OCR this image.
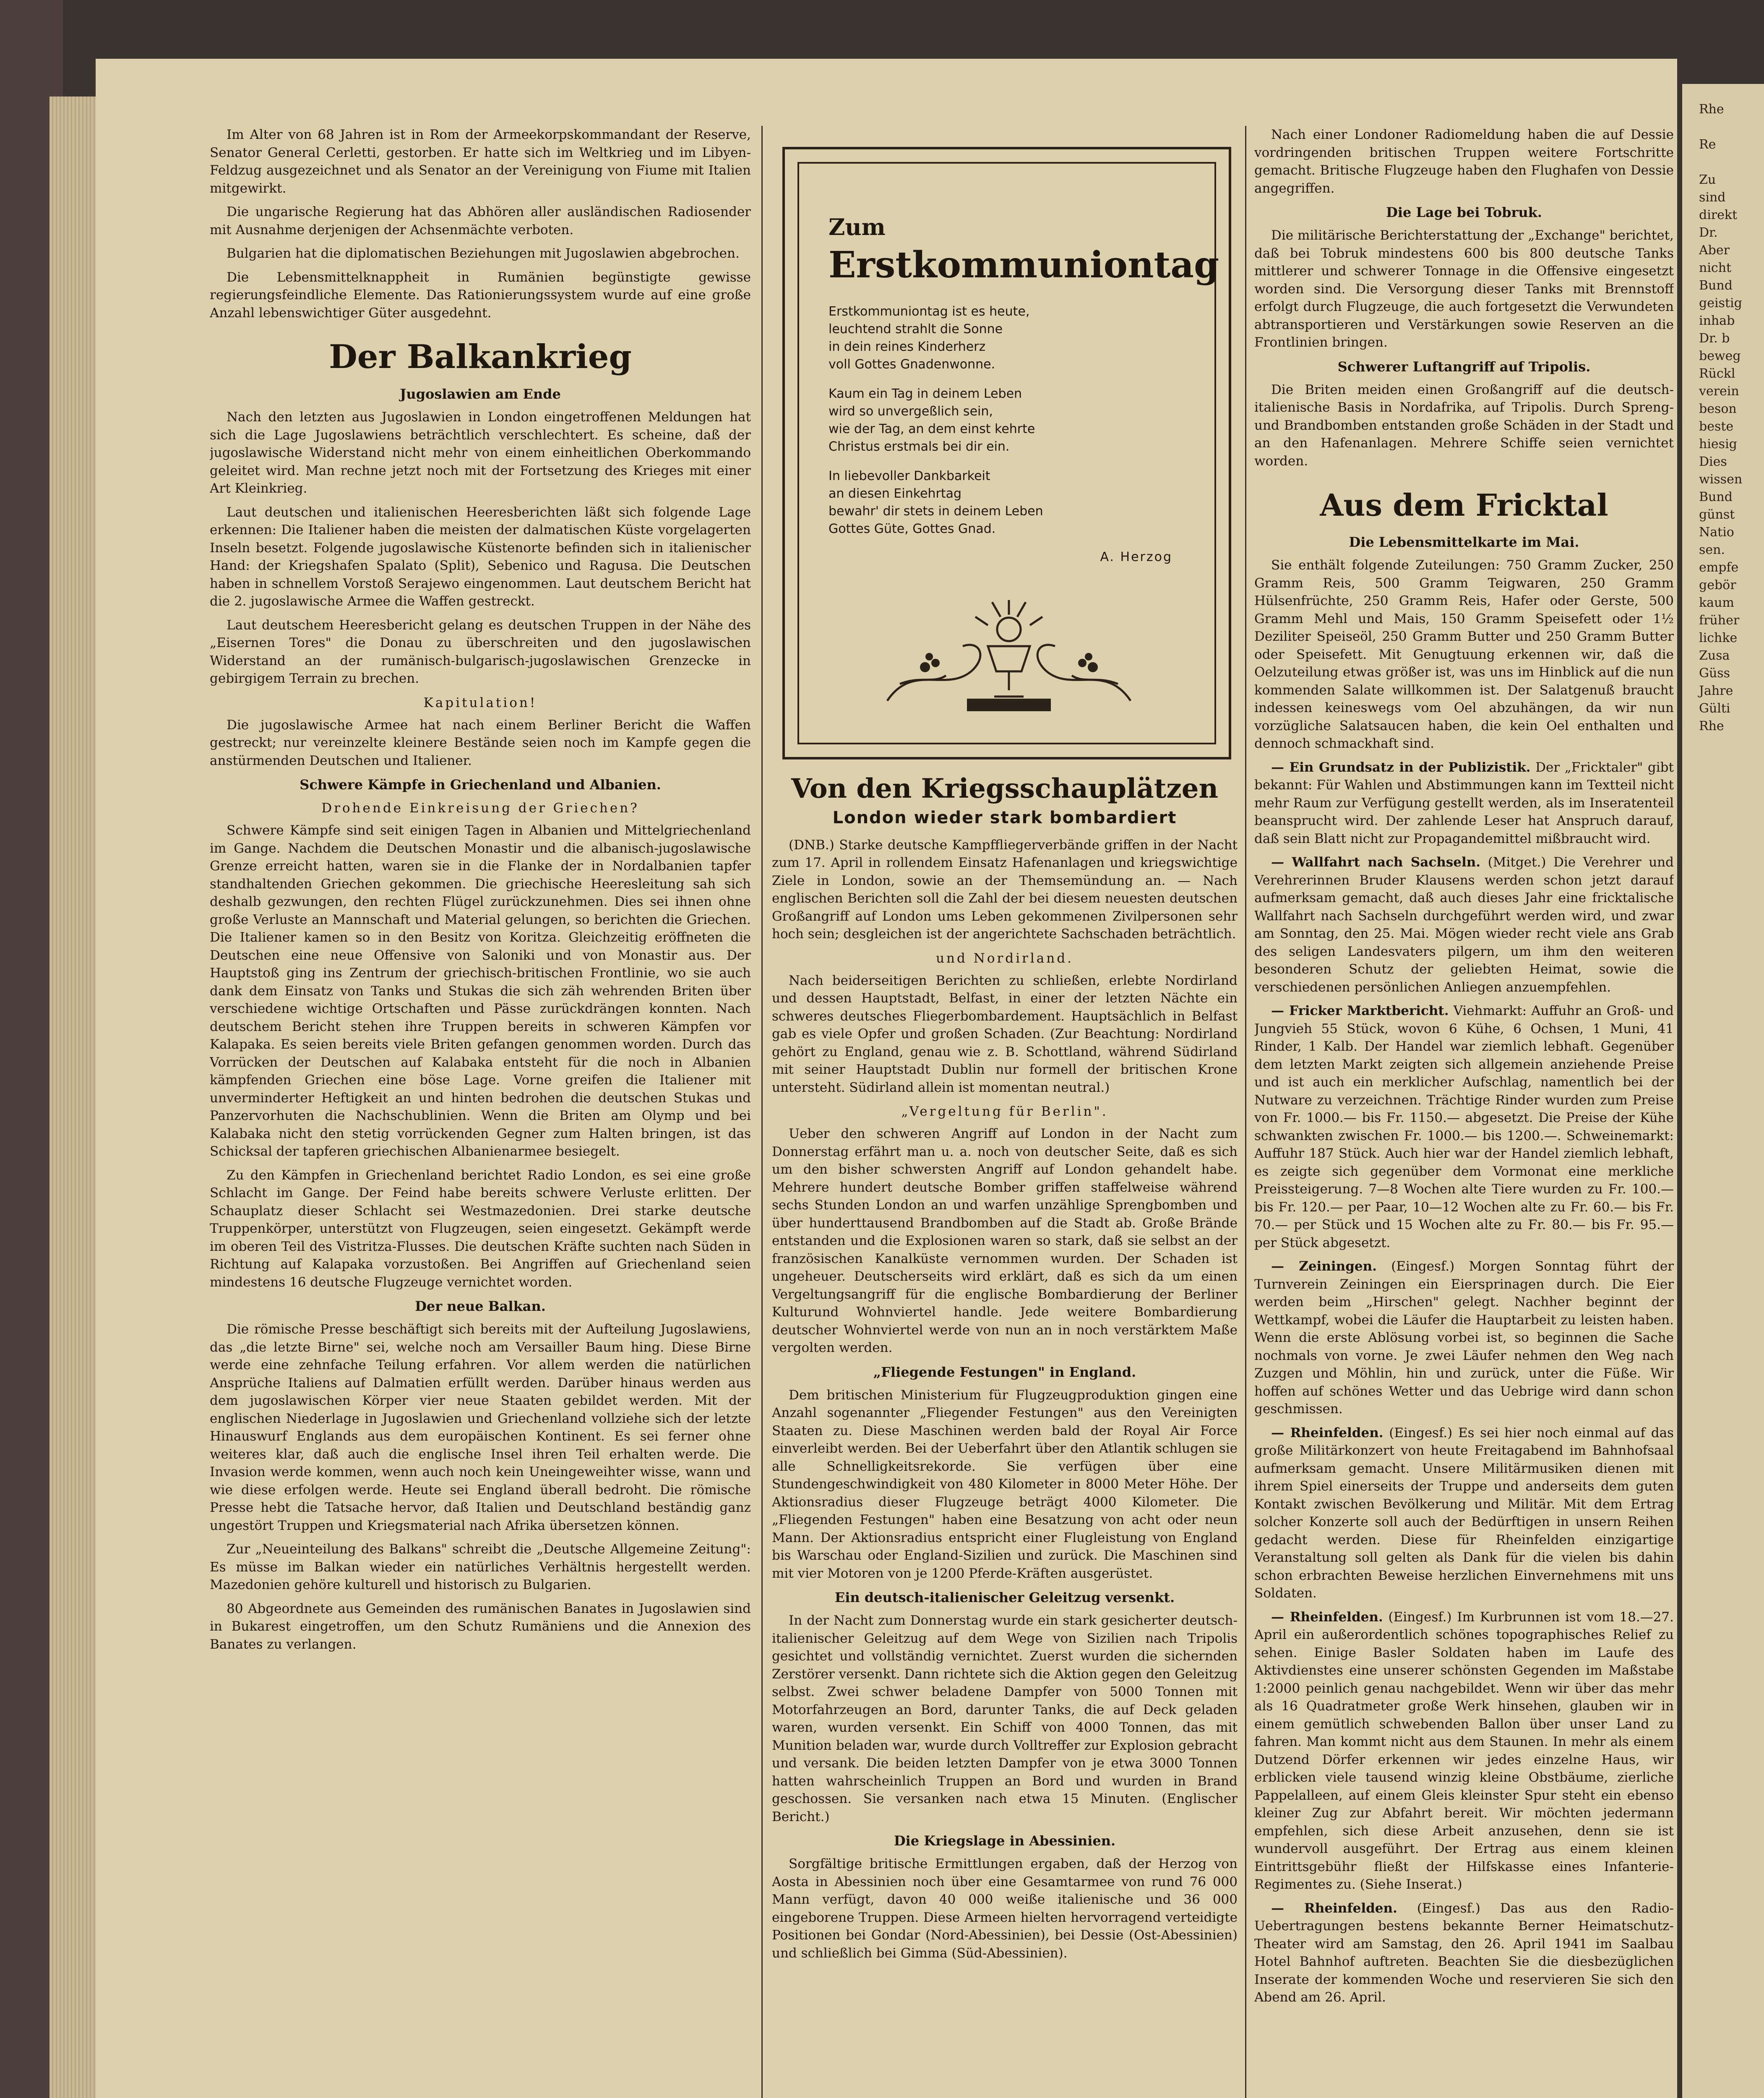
Im Alter von 68 Jahren ist in Rom der Armeekorpskommandant der Reserve, Senator General Cerletti, gestorben. Er hatte sich im Weltkrieg und im Libyen-Feldzug ausgezeichnet und als Senator an der Vereinigung von Fiume mit Italien mitgewirkt.

Die ungarische Regierung hat das Abhören aller ausländischen Radiosender mit Ausnahme derjenigen der Achsenmächte verboten.

Bulgarien hat die diplomatischen Beziehungen mit Jugoslawien abgebrochen.

Die Lebensmittelknappheit in Rumänien begünstigte gewisse regierungsfeindliche Elemente. Das Rationierungssystem wurde auf eine große Anzahl lebenswichtiger Güter ausgedehnt.

Der Balkankrieg

Jugoslawien am Ende

Nach den letzten aus Jugoslawien in London eingetroffenen Meldungen hat sich die Lage Jugoslawiens beträchtlich verschlechtert. Es scheine, daß der jugoslawische Widerstand nicht mehr von einem einheitlichen Oberkommando geleitet wird. Man rechne jetzt noch mit der Fortsetzung des Krieges mit einer Art Kleinkrieg.

Laut deutschen und italienischen Heeresberichten läßt sich folgende Lage erkennen: Die Italiener haben die meisten der dalmatischen Küste vorgelagerten Inseln besetzt. Folgende jugoslawische Küstenorte befinden sich in italienischer Hand: der Kriegshafen Spalato (Split), Sebenico und Ragusa. Die Deutschen haben in schnellem Vorstoß Serajewo eingenommen. Laut deutschem Bericht hat die 2. jugoslawische Armee die Waffen gestreckt.

Laut deutschem Heeresbericht gelang es deutschen Truppen in der Nähe des „Eisernen Tores" die Donau zu überschreiten und den jugoslawischen Widerstand an der rumänisch-bulgarisch-jugoslawischen Grenzecke in gebirgigem Terrain zu brechen.

Kapitulation!

Die jugoslawische Armee hat nach einem Berliner Bericht die Waffen gestreckt; nur vereinzelte kleinere Bestände seien noch im Kampfe gegen die anstürmenden Deutschen und Italiener.

Schwere Kämpfe in Griechenland und Albanien.

Drohende Einkreisung der Griechen?

Schwere Kämpfe sind seit einigen Tagen in Albanien und Mittelgriechenland im Gange. Nachdem die Deutschen Monastir und die albanisch-jugoslawische Grenze erreicht hatten, waren sie in die Flanke der in Nordalbanien tapfer standhaltenden Griechen gekommen. Die griechische Heeresleitung sah sich deshalb gezwungen, den rechten Flügel zurückzunehmen. Dies sei ihnen ohne große Verluste an Mannschaft und Material gelungen, so berichten die Griechen. Die Italiener kamen so in den Besitz von Koritza. Gleichzeitig eröffneten die Deutschen eine neue Offensive von Saloniki und von Monastir aus. Der Hauptstoß ging ins Zentrum der griechisch-britischen Frontlinie, wo sie auch dank dem Einsatz von Tanks und Stukas die sich zäh wehrenden Briten über verschiedene wichtige Ortschaften und Pässe zurückdrängen konnten. Nach deutschem Bericht stehen ihre Truppen bereits in schweren Kämpfen vor Kalapaka. Es seien bereits viele Briten gefangen genommen worden. Durch das Vorrücken der Deutschen auf Kalabaka entsteht für die noch in Albanien kämpfenden Griechen eine böse Lage. Vorne greifen die Italiener mit unverminderter Heftigkeit an und hinten bedrohen die deutschen Stukas und Panzervorhuten die Nachschublinien. Wenn die Briten am Olymp und bei Kalabaka nicht den stetig vorrückenden Gegner zum Halten bringen, ist das Schicksal der tapferen griechischen Albanienarmee besiegelt.

Zu den Kämpfen in Griechenland berichtet Radio London, es sei eine große Schlacht im Gange. Der Feind habe bereits schwere Verluste erlitten. Der Schauplatz dieser Schlacht sei Westmazedonien. Drei starke deutsche Truppenkörper, unterstützt von Flugzeugen, seien eingesetzt. Gekämpft werde im oberen Teil des Vistritza-Flusses. Die deutschen Kräfte suchten nach Süden in Richtung auf Kalapaka vorzustoßen. Bei Angriffen auf Griechenland seien mindestens 16 deutsche Flugzeuge vernichtet worden.

Der neue Balkan.

Die römische Presse beschäftigt sich bereits mit der Aufteilung Jugoslawiens, das „die letzte Birne" sei, welche noch am Versailler Baum hing. Diese Birne werde eine zehnfache Teilung erfahren. Vor allem werden die natürlichen Ansprüche Italiens auf Dalmatien erfüllt werden. Darüber hinaus werden aus dem jugoslawischen Körper vier neue Staaten gebildet werden. Mit der englischen Niederlage in Jugoslawien und Griechenland vollziehe sich der letzte Hinauswurf Englands aus dem europäischen Kontinent. Es sei ferner ohne weiteres klar, daß auch die englische Insel ihren Teil erhalten werde. Die Invasion werde kommen, wenn auch noch kein Uneingeweihter wisse, wann und wie diese erfolgen werde. Heute sei England überall bedroht. Die römische Presse hebt die Tatsache hervor, daß Italien und Deutschland beständig ganz ungestört Truppen und Kriegsmaterial nach Afrika übersetzen können.

Zur „Neueinteilung des Balkans" schreibt die „Deutsche Allgemeine Zeitung": Es müsse im Balkan wieder ein natürliches Verhältnis hergestellt werden. Mazedonien gehöre kulturell und historisch zu Bulgarien.

80 Abgeordnete aus Gemeinden des rumänischen Banates in Jugoslawien sind in Bukarest eingetroffen, um den Schutz Rumäniens und die Annexion des Banates zu verlangen.

Zum Erstkommuniontag
Erstkommuniontag ist es heute,
leuchtend strahlt die Sonne
in dein reines Kinderherz
voll Gottes Gnadenwonne.
Kaum ein Tag in deinem Leben
wird so unvergeßlich sein,
wie der Tag, an dem einst kehrte
Christus erstmals bei dir ein.
In liebevoller Dankbarkeit
an diesen Einkehrtag
bewahr' dir stets in deinem Leben
Gottes Güte, Gottes Gnad.
A. Herzog

Von den Kriegsschauplätzen

London wieder stark bombardiert

(DNB.) Starke deutsche Kampffliegerverbände griffen in der Nacht zum 17. April in rollendem Einsatz Hafenanlagen und kriegswichtige Ziele in London, sowie an der Themsemündung an. — Nach englischen Berichten soll die Zahl der bei diesem neuesten deutschen Großangriff auf London ums Leben gekommenen Zivilpersonen sehr hoch sein; desgleichen ist der angerichtete Sachschaden beträchtlich.

und Nordirland.

Nach beiderseitigen Berichten zu schließen, erlebte Nordirland und dessen Hauptstadt, Belfast, in einer der letzten Nächte ein schweres deutsches Fliegerbombardement. Hauptsächlich in Belfast gab es viele Opfer und großen Schaden. (Zur Beachtung: Nordirland gehört zu England, genau wie z. B. Schottland, während Südirland mit seiner Hauptstadt Dublin nur formell der britischen Krone untersteht. Südirland allein ist momentan neutral.)

„Vergeltung für Berlin".

Ueber den schweren Angriff auf London in der Nacht zum Donnerstag erfährt man u. a. noch von deutscher Seite, daß es sich um den bisher schwersten Angriff auf London gehandelt habe. Mehrere hundert deutsche Bomber griffen staffelweise während sechs Stunden London an und warfen unzählige Sprengbomben und über hunderttausend Brandbomben auf die Stadt ab. Große Brände entstanden und die Explosionen waren so stark, daß sie selbst an der französischen Kanalküste vernommen wurden. Der Schaden ist ungeheuer. Deutscherseits wird erklärt, daß es sich da um einen Vergeltungsangriff für die englische Bombardierung der Berliner Kulturund Wohnviertel handle. Jede weitere Bombardierung deutscher Wohnviertel werde von nun an in noch verstärktem Maße vergolten werden.

„Fliegende Festungen" in England.

Dem britischen Ministerium für Flugzeugproduktion gingen eine Anzahl sogenannter „Fliegender Festungen" aus den Vereinigten Staaten zu. Diese Maschinen werden bald der Royal Air Force einverleibt werden. Bei der Ueberfahrt über den Atlantik schlugen sie alle Schnelligkeitsrekorde. Sie verfügen über eine Stundengeschwindigkeit von 480 Kilometer in 8000 Meter Höhe. Der Aktionsradius dieser Flugzeuge beträgt 4000 Kilometer. Die „Fliegenden Festungen" haben eine Besatzung von acht oder neun Mann. Der Aktionsradius entspricht einer Flugleistung von England bis Warschau oder England-Sizilien und zurück. Die Maschinen sind mit vier Motoren von je 1200 Pferde-Kräften ausgerüstet.

Ein deutsch-italienischer Geleitzug versenkt.

In der Nacht zum Donnerstag wurde ein stark gesicherter deutsch-italienischer Geleitzug auf dem Wege von Sizilien nach Tripolis gesichtet und vollständig vernichtet. Zuerst wurden die sichernden Zerstörer versenkt. Dann richtete sich die Aktion gegen den Geleitzug selbst. Zwei schwer beladene Dampfer von 5000 Tonnen mit Motorfahrzeugen an Bord, darunter Tanks, die auf Deck geladen waren, wurden versenkt. Ein Schiff von 4000 Tonnen, das mit Munition beladen war, wurde durch Volltreffer zur Explosion gebracht und versank. Die beiden letzten Dampfer von je etwa 3000 Tonnen hatten wahrscheinlich Truppen an Bord und wurden in Brand geschossen. Sie versanken nach etwa 15 Minuten. (Englischer Bericht.)

Die Kriegslage in Abessinien.

Sorgfältige britische Ermittlungen ergaben, daß der Herzog von Aosta in Abessinien noch über eine Gesamtarmee von rund 76 000 Mann verfügt, davon 40 000 weiße italienische und 36 000 eingeborene Truppen. Diese Armeen hielten hervorragend verteidigte Positionen bei Gondar (Nord-Abessinien), bei Dessie (Ost-Abessinien) und schließlich bei Gimma (Süd-Abessinien).

Nach einer Londoner Radiomeldung haben die auf Dessie vordringenden britischen Truppen weitere Fortschritte gemacht. Britische Flugzeuge haben den Flughafen von Dessie angegriffen.

Die Lage bei Tobruk.

Die militärische Berichterstattung der „Exchange" berichtet, daß bei Tobruk mindestens 600 bis 800 deutsche Tanks mittlerer und schwerer Tonnage in die Offensive eingesetzt worden sind. Die Versorgung dieser Tanks mit Brennstoff erfolgt durch Flugzeuge, die auch fortgesetzt die Verwundeten abtransportieren und Verstärkungen sowie Reserven an die Frontlinien bringen.

Schwerer Luftangriff auf Tripolis.

Die Briten meiden einen Großangriff auf die deutsch-italienische Basis in Nordafrika, auf Tripolis. Durch Spreng- und Brandbomben entstanden große Schäden in der Stadt und an den Hafenanlagen. Mehrere Schiffe seien vernichtet worden.

Aus dem Fricktal

Die Lebensmittelkarte im Mai.

Sie enthält folgende Zuteilungen: 750 Gramm Zucker, 250 Gramm Reis, 500 Gramm Teigwaren, 250 Gramm Hülsenfrüchte, 250 Gramm Reis, Hafer oder Gerste, 500 Gramm Mehl und Mais, 150 Gramm Speisefett oder 1½ Deziliter Speiseöl, 250 Gramm Butter und 250 Gramm Butter oder Speisefett. Mit Genugtuung erkennen wir, daß die Oelzuteilung etwas größer ist, was uns im Hinblick auf die nun kommenden Salate willkommen ist. Der Salatgenuß braucht indessen keineswegs vom Oel abzuhängen, da wir nun vorzügliche Salatsaucen haben, die kein Oel enthalten und dennoch schmackhaft sind.

— Ein Grundsatz in der Publizistik. Der „Fricktaler" gibt bekannt: Für Wahlen und Abstimmungen kann im Textteil nicht mehr Raum zur Verfügung gestellt werden, als im Inseratenteil beansprucht wird. Der zahlende Leser hat Anspruch darauf, daß sein Blatt nicht zur Propagandemittel mißbraucht wird.

— Wallfahrt nach Sachseln. (Mitget.) Die Verehrer und Verehrerinnen Bruder Klausens werden schon jetzt darauf aufmerksam gemacht, daß auch dieses Jahr eine fricktalische Wallfahrt nach Sachseln durchgeführt werden wird, und zwar am Sonntag, den 25. Mai. Mögen wieder recht viele ans Grab des seligen Landesvaters pilgern, um ihm den weiteren besonderen Schutz der geliebten Heimat, sowie die verschiedenen persönlichen Anliegen anzuempfehlen.

— Fricker Marktbericht. Viehmarkt: Auffuhr an Groß- und Jungvieh 55 Stück, wovon 6 Kühe, 6 Ochsen, 1 Muni, 41 Rinder, 1 Kalb. Der Handel war ziemlich lebhaft. Gegenüber dem letzten Markt zeigten sich allgemein anziehende Preise und ist auch ein merklicher Aufschlag, namentlich bei der Nutware zu verzeichnen. Trächtige Rinder wurden zum Preise von Fr. 1000.— bis Fr. 1150.— abgesetzt. Die Preise der Kühe schwankten zwischen Fr. 1000.— bis 1200.—. Schweinemarkt: Auffuhr 187 Stück. Auch hier war der Handel ziemlich lebhaft, es zeigte sich gegenüber dem Vormonat eine merkliche Preissteigerung. 7—8 Wochen alte Tiere wurden zu Fr. 100.— bis Fr. 120.— per Paar, 10—12 Wochen alte zu Fr. 60.— bis Fr. 70.— per Stück und 15 Wochen alte zu Fr. 80.— bis Fr. 95.— per Stück abgesetzt.

— Zeiningen. (Eingesf.) Morgen Sonntag führt der Turnverein Zeiningen ein Eiersprinagen durch. Die Eier werden beim „Hirschen" gelegt. Nachher beginnt der Wettkampf, wobei die Läufer die Hauptarbeit zu leisten haben. Wenn die erste Ablösung vorbei ist, so beginnen die Sache nochmals von vorne. Je zwei Läufer nehmen den Weg nach Zuzgen und Möhlin, hin und zurück, unter die Füße. Wir hoffen auf schönes Wetter und das Uebrige wird dann schon geschmissen.

— Rheinfelden. (Eingesf.) Es sei hier noch einmal auf das große Militärkonzert von heute Freitagabend im Bahnhofsaal aufmerksam gemacht. Unsere Militärmusiken dienen mit ihrem Spiel einerseits der Truppe und anderseits dem guten Kontakt zwischen Bevölkerung und Militär. Mit dem Ertrag solcher Konzerte soll auch der Bedürftigen in unsern Reihen gedacht werden. Diese für Rheinfelden einzigartige Veranstaltung soll gelten als Dank für die vielen bis dahin schon erbrachten Beweise herzlichen Einvernehmens mit uns Soldaten.

— Rheinfelden. (Eingesf.) Im Kurbrunnen ist vom 18.—27. April ein außerordentlich schönes topographisches Relief zu sehen. Einige Basler Soldaten haben im Laufe des Aktivdienstes eine unserer schönsten Gegenden im Maßstabe 1:2000 peinlich genau nachgebildet. Wenn wir über das mehr als 16 Quadratmeter große Werk hinsehen, glauben wir in einem gemütlich schwebenden Ballon über unser Land zu fahren. Man kommt nicht aus dem Staunen. In mehr als einem Dutzend Dörfer erkennen wir jedes einzelne Haus, wir erblicken viele tausend winzig kleine Obstbäume, zierliche Pappelalleen, auf einem Gleis kleinster Spur steht ein ebenso kleiner Zug zur Abfahrt bereit. Wir möchten jedermann empfehlen, sich diese Arbeit anzusehen, denn sie ist wundervoll ausgeführt. Der Ertrag aus einem kleinen Eintrittsgebühr fließt der Hilfskasse eines Infanterie-Regimentes zu. (Siehe Inserat.)

— Rheinfelden. (Eingesf.) Das aus den Radio-Uebertragungen bestens bekannte Berner Heimatschutz-Theater wird am Samstag, den 26. April 1941 im Saalbau Hotel Bahnhof auftreten. Beachten Sie die diesbezüglichen Inserate der kommenden Woche und reservieren Sie sich den Abend am 26. April.

Rhe

Re

Zu
sind
direkt
Dr.
Aber
nicht
Bund
geistig
inhab
Dr. b
beweg
Rückl
verein
beson
beste
hiesig
Dies
wissen
Bund
günst
Natio
sen.
empfe
gebör
kaum
früher
lichke
Zusa
Güss
Jahre
Gülti
Rhe
